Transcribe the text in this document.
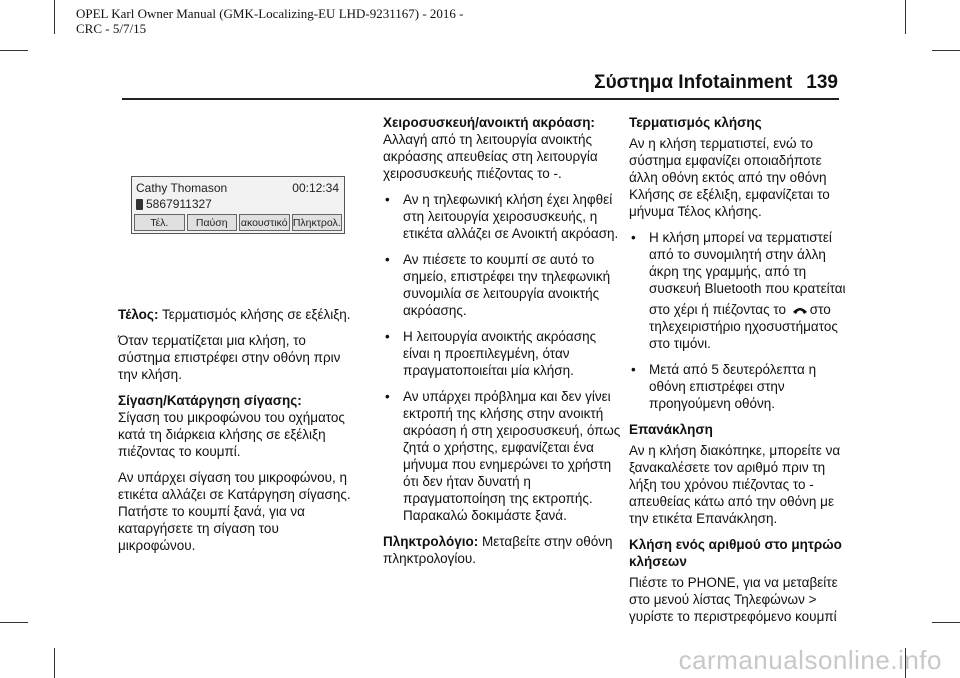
OPEL Karl Owner Manual (GMK-Localizing-EU LHD-9231167) - 2016 -
CRC - 5/7/15
Σύστημα Infotainment 139
Cathy Thomason	00:12:34
5867911327
Τέλ.	Παύση	ακουστικό Πληκτρολ.

Τέλος: Τερματισμός κλήσης σε εξέλιξη.

Όταν τερματίζεται μια κλήση, το σύστημα επιστρέφει στην οθόνη πριν την κλήση.

Σίγαση/Κατάργηση σίγασης:
Σίγαση του μικροφώνου του οχήματος κατά τη διάρκεια κλήσης σε εξέλιξη πιέζοντας το κουμπί.

Αν υπάρχει σίγαση του μικροφώνου, η ετικέτα αλλάζει σε Κατάργηση σίγασης. Πατήστε το κουμπί ξανά, για να καταργήσετε τη σίγαση του μικροφώνου.

Χειροσυσκευή/ανοικτή ακρόαση:
Αλλαγή από τη λειτουργία ανοικτής ακρόασης απευθείας στη λειτουργία χειροσυσκευής πιέζοντας το -.

• Αν η τηλεφωνική κλήση έχει ληφθεί στη λειτουργία χειροσυσκευής, η ετικέτα αλλάζει σε Ανοικτή ακρόαση.
• Αν πιέσετε το κουμπί σε αυτό το σημείο, επιστρέφει την τηλεφωνική συνομιλία σε λειτουργία ανοικτής ακρόασης.
• Η λειτουργία ανοικτής ακρόασης είναι η προεπιλεγμένη, όταν πραγματοποιείται μία κλήση.
• Αν υπάρχει πρόβλημα και δεν γίνει εκτροπή της κλήσης στην ανοικτή ακρόαση ή στη χειροσυσκευή, όπως ζητά ο χρήστης, εμφανίζεται ένα μήνυμα που ενημερώνει το χρήστη ότι δεν ήταν δυνατή η πραγματοποίηση της εκτροπής. Παρακαλώ δοκιμάστε ξανά.

Πληκτρολόγιο: Μεταβείτε στην οθόνη πληκτρολογίου.

Τερματισμός κλήσης

Αν η κλήση τερματιστεί, ενώ το σύστημα εμφανίζει οποιαδήποτε άλλη οθόνη εκτός από την οθόνη Κλήσης σε εξέλιξη, εμφανίζεται το μήνυμα Τέλος κλήσης.

• Η κλήση μπορεί να τερματιστεί από το συνομιλητή στην άλλη άκρη της γραμμής, από τη συσκευή Bluetooth που κρατείται
στο χέρι ή πιέζοντας το στο τηλεχειριστήριο ηχοσυστήματος στο τιμόνι.
• Μετά από 5 δευτερόλεπτα η οθόνη επιστρέφει στην προηγούμενη οθόνη.

Επανάκληση

Αν η κλήση διακόπηκε, μπορείτε να ξανακαλέσετε τον αριθμό πριν τη λήξη του χρόνου πιέζοντας το - απευθείας κάτω από την οθόνη με την ετικέτα Επανάκληση.

Κλήση ενός αριθμού στο μητρώο κλήσεων

Πιέστε το PHONE, για να μεταβείτε στο μενού λίστας Τηλεφώνων > γυρίστε το περιστρεφόμενο κουμπί

carmanualsonline.info
